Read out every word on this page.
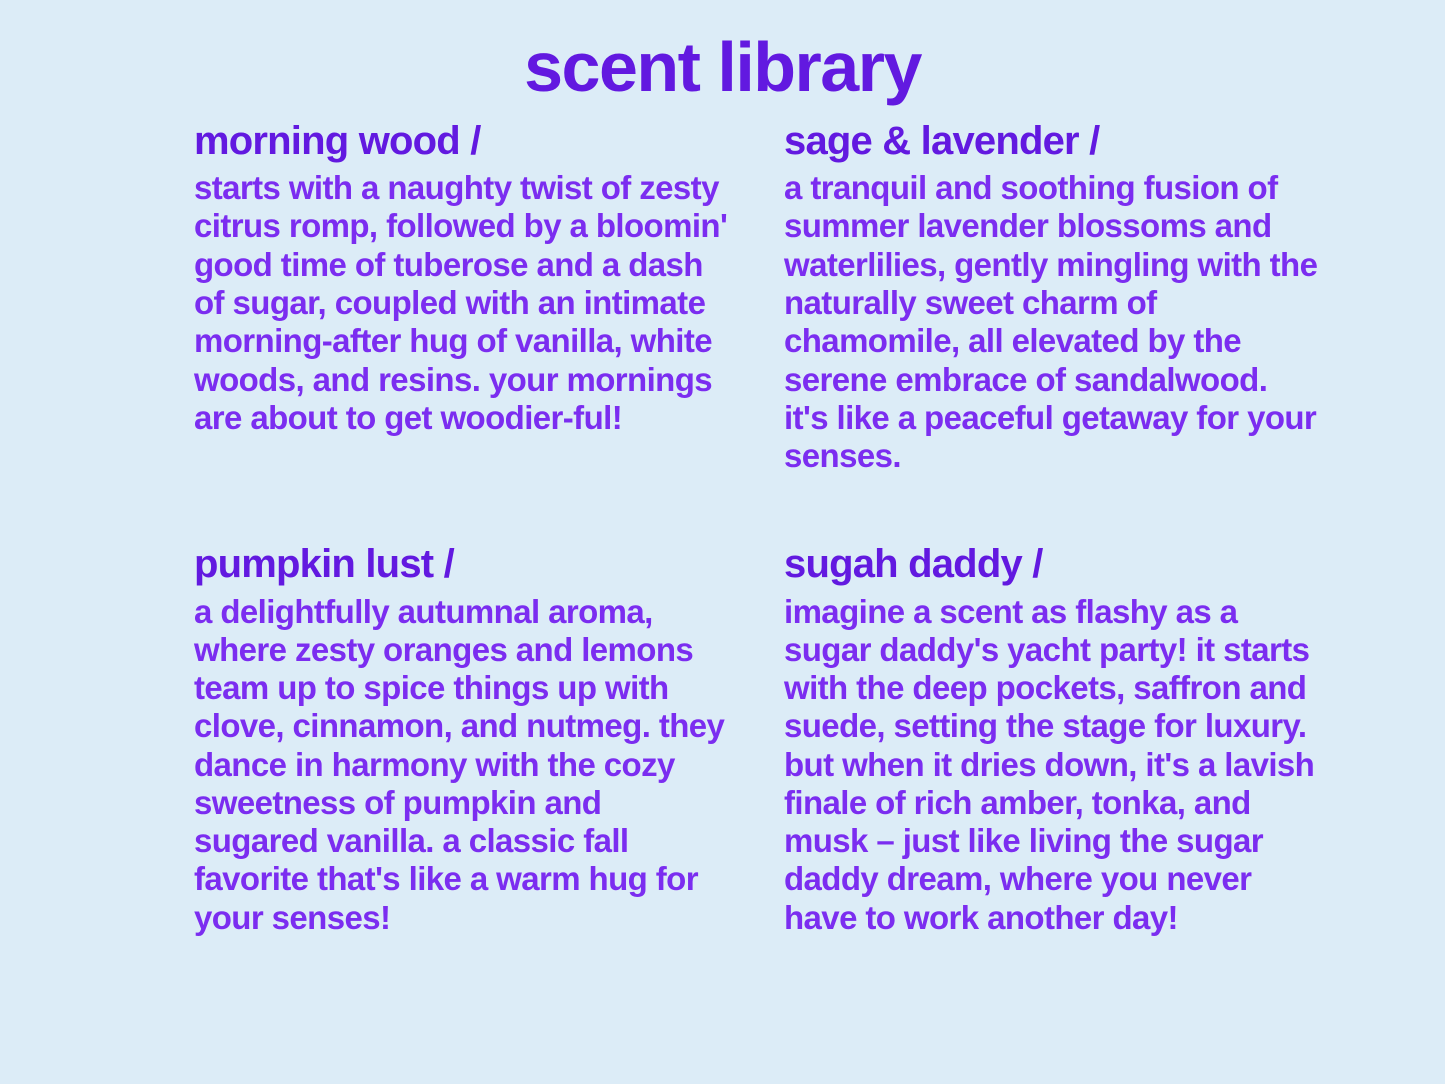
scent library
morning wood /
starts with a naughty twist of zesty citrus romp, followed by a bloomin' good time of tuberose and a dash of sugar, coupled with an intimate morning-after hug of vanilla, white woods, and resins. your mornings are about to get woodier-ful!
sage & lavender /
a tranquil and soothing fusion of summer lavender blossoms and waterlilies, gently mingling with the naturally sweet charm of chamomile, all elevated by the serene embrace of sandalwood. it's like a peaceful getaway for your senses.
pumpkin lust /
a delightfully autumnal aroma, where zesty oranges and lemons team up to spice things up with clove, cinnamon, and nutmeg. they dance in harmony with the cozy sweetness of pumpkin and sugared vanilla. a classic fall favorite that's like a warm hug for your senses!
sugah daddy /
imagine a scent as flashy as a sugar daddy's yacht party! it starts with the deep pockets, saffron and suede, setting the stage for luxury. but when it dries down, it's a lavish finale of rich amber, tonka, and musk – just like living the sugar daddy dream, where you never have to work another day!
